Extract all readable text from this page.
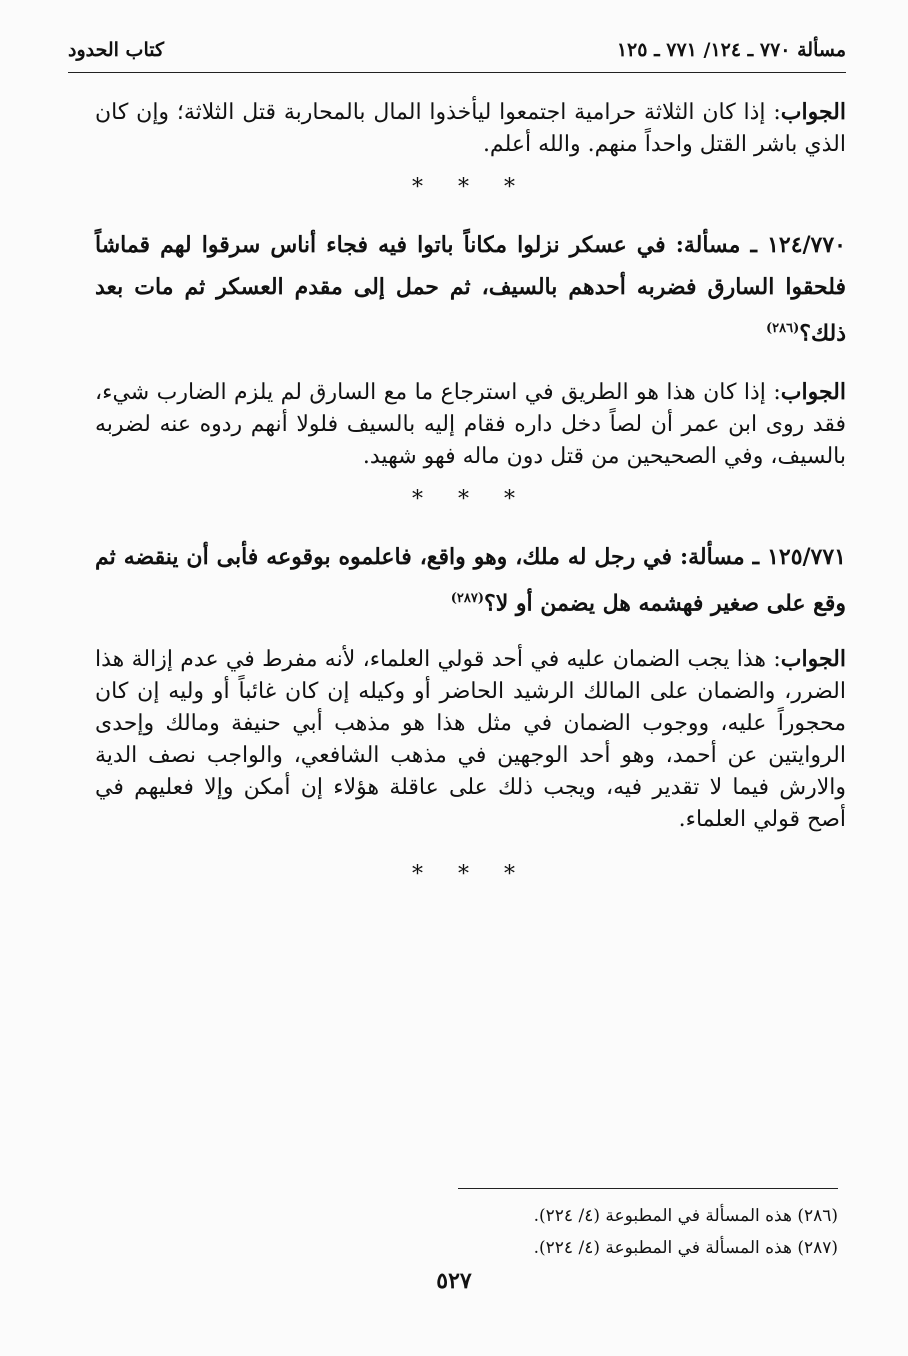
مسألة ٧٧٠ ـ ١٢٤/ ٧٧١ ـ ١٢٥
كتاب الحدود

الجواب: إذا كان الثلاثة حرامية اجتمعوا ليأخذوا المال بالمحاربة قتل الثلاثة؛ وإن كان الذي باشر القتل واحداً منهم. والله أعلم.

* * *

١٢٤/٧٧٠ ـ مسألة: في عسكر نزلوا مكاناً باتوا فيه فجاء أناس سرقوا لهم قماشاً فلحقوا السارق فضربه أحدهم بالسيف، ثم حمل إلى مقدم العسكر ثم مات بعد ذلك؟$^{(٢٨٦)}$

الجواب: إذا كان هذا هو الطريق في استرجاع ما مع السارق لم يلزم الضارب شيء، فقد روى ابن عمر أن لصاً دخل داره فقام إليه بالسيف فلولا أنهم ردوه عنه لضربه بالسيف، وفي الصحيحين من قتل دون ماله فهو شهيد.

* * *

١٢٥/٧٧١ ـ مسألة: في رجل له ملك، وهو واقع، فاعلموه بوقوعه فأبى أن ينقضه ثم وقع على صغير فهشمه هل يضمن أو لا؟$^{(٢٨٧)}$

الجواب: هذا يجب الضمان عليه في أحد قولي العلماء، لأنه مفرط في عدم إزالة هذا الضرر، والضمان على المالك الرشيد الحاضر أو وكيله إن كان غائباً أو وليه إن كان محجوراً عليه، ووجوب الضمان في مثل هذا هو مذهب أبي حنيفة ومالك وإحدى الروايتين عن أحمد، وهو أحد الوجهين في مذهب الشافعي، والواجب نصف الدية والارش فيما لا تقدير فيه، ويجب ذلك على عاقلة هؤلاء إن أمكن وإلا فعليهم في أصح قولي العلماء.

* * *
(٢٨٦) هذه المسألة في المطبوعة (٤/ ٢٢٤).
(٢٨٧) هذه المسألة في المطبوعة (٤/ ٢٢٤).
٥٢٧
